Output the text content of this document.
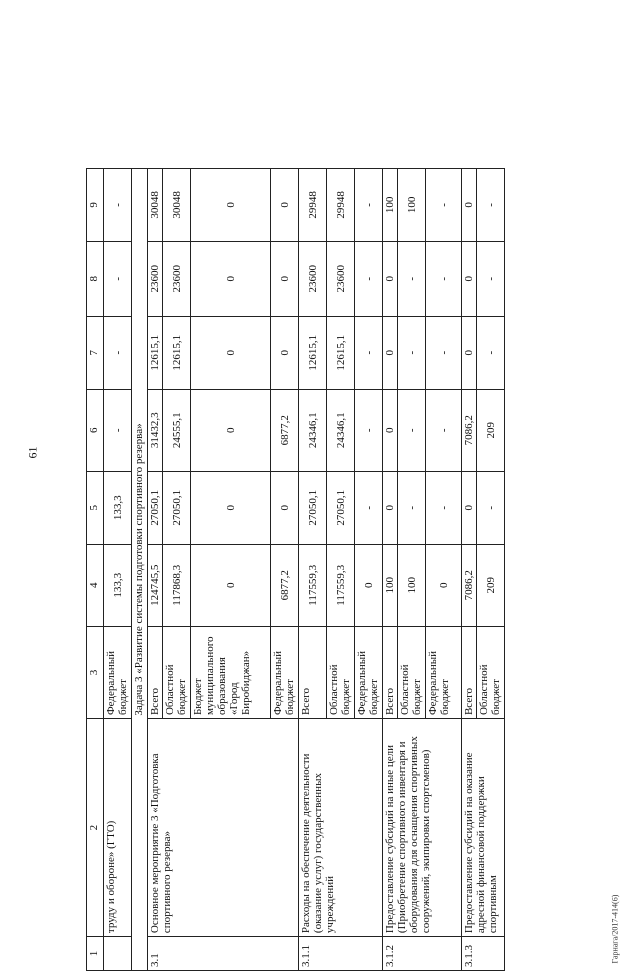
61
Гарнага/2017-414(6)
1	2	3	4	5	6	7	8	9
	труду и обороне» (ГТО)	Федеральный бюджет	133,3	133,3	-	-	-	-
Задача 3 «Развитие системы подготовки спортивного резерва»								
3.1	Основное мероприятие 3 «Подготовка спортивного резерва»	Всего	124745,5	27050,1	31432,3	12615,1	23600	30048
		Областной бюджет	117868,3	27050,1	24555,1	12615,1	23600	30048
		Бюджет муниципального образования «Город Биробиджан»	0	0	0	0	0	0
		Федеральный бюджет	6877,2	0	6877,2	0	0	0
3.1.1	Расходы на обеспечение деятельности (оказание услуг) государственных учреждений	Всего	117559,3	27050,1	24346,1	12615,1	23600	29948
		Областной бюджет	117559,3	27050,1	24346,1	12615,1	23600	29948
		Федеральный бюджет	0	-	-	-	-	-
3.1.2	Предоставление субсидий на иные цели (Приобретение спортивного инвентаря и оборудования для оснащения спортивных сооружений, экипировки спортсменов)	Всего	100	0	0	0	0	100
		Областной бюджет	100	-	-	-	-	100
		Федеральный бюджет	0	-	-	-	-	-
3.1.3	Предоставление субсидий на оказание адресной финансовой поддержки спортивным	Всего	7086,2	0	7086,2	0	0	0
		Областной бюджет	209	-	209	-	-	-
